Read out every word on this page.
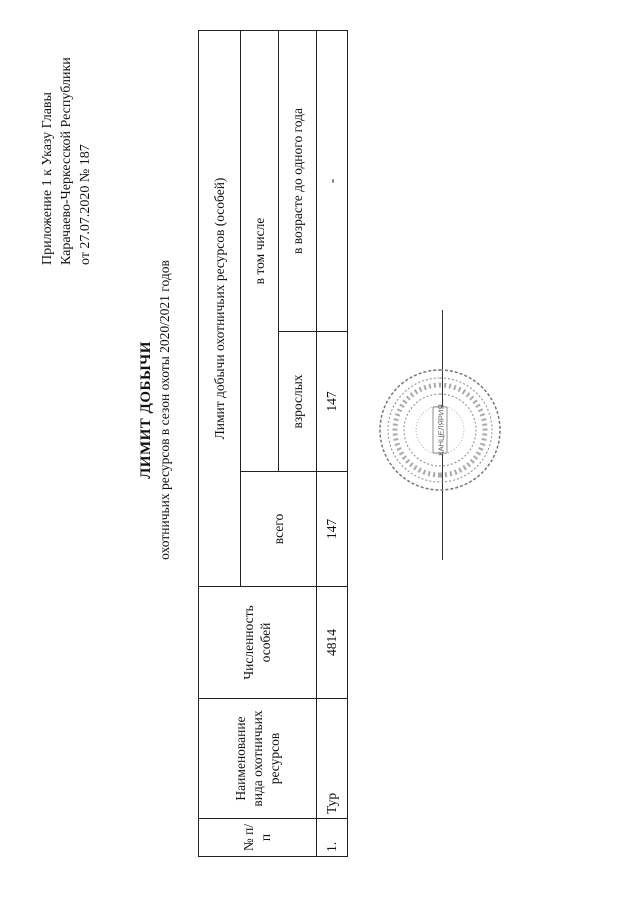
Приложение 1 к Указу Главы Карачаево-Черкесской Республики от 27.07.2020 № 187
ЛИМИТ ДОБЫЧИ охотничьих ресурсов в сезон охоты 2020/2021 годов
№ п/п	Наименование вида охотничьих ресурсов	Численность особей	Лимит добычи охотничьих ресурсов (особей)		
			всего	в том числе	
				взрослых	в возрасте до одного года
1.	Тур	4814	147	147	-
КАНЦЕЛЯРИЯ
